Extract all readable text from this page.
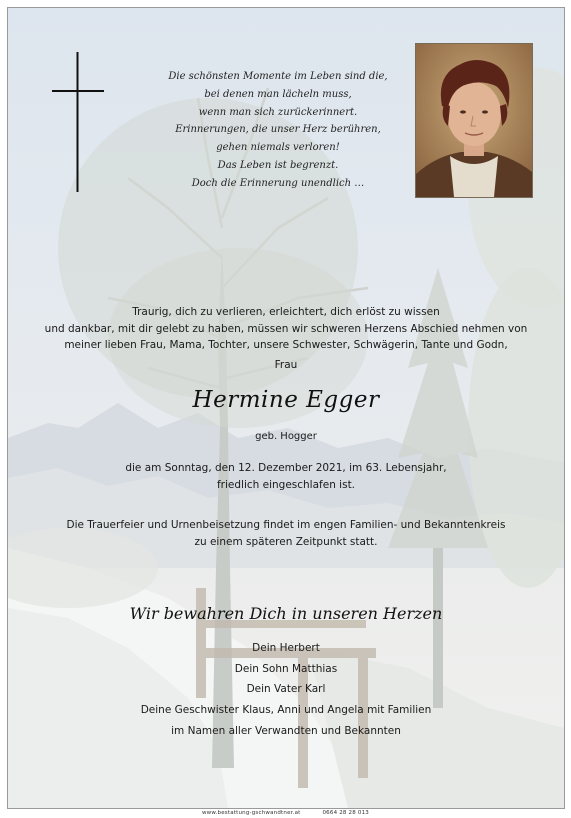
Die schönsten Momente im Leben sind die,
bei denen man lächeln muss,
wenn man sich zurückerinnert.
Erinnerungen, die unser Herz berühren,
gehen niemals verloren!
Das Leben ist begrenzt.
Doch die Erinnerung unendlich …
Traurig, dich zu verlieren, erleichtert, dich erlöst zu wissen
und dankbar, mit dir gelebt zu haben, müssen wir schweren Herzens Abschied nehmen von
meiner lieben Frau, Mama, Tochter, unsere Schwester, Schwägerin, Tante und Godn,
Frau
Hermine Egger
geb. Hogger
die am Sonntag, den 12. Dezember 2021, im 63. Lebensjahr,
friedlich eingeschlafen ist.
Die Trauerfeier und Urnenbeisetzung findet im engen Familien- und Bekanntenkreis
zu einem späteren Zeitpunkt statt.
Wir bewahren Dich in unseren Herzen
Dein Herbert
Dein Sohn Matthias
Dein Vater Karl
Deine Geschwister Klaus, Anni und Angela mit Familien
im Namen aller Verwandten und Bekannten
www.bestattung-gschwandtner.at	0664 28 28 013
